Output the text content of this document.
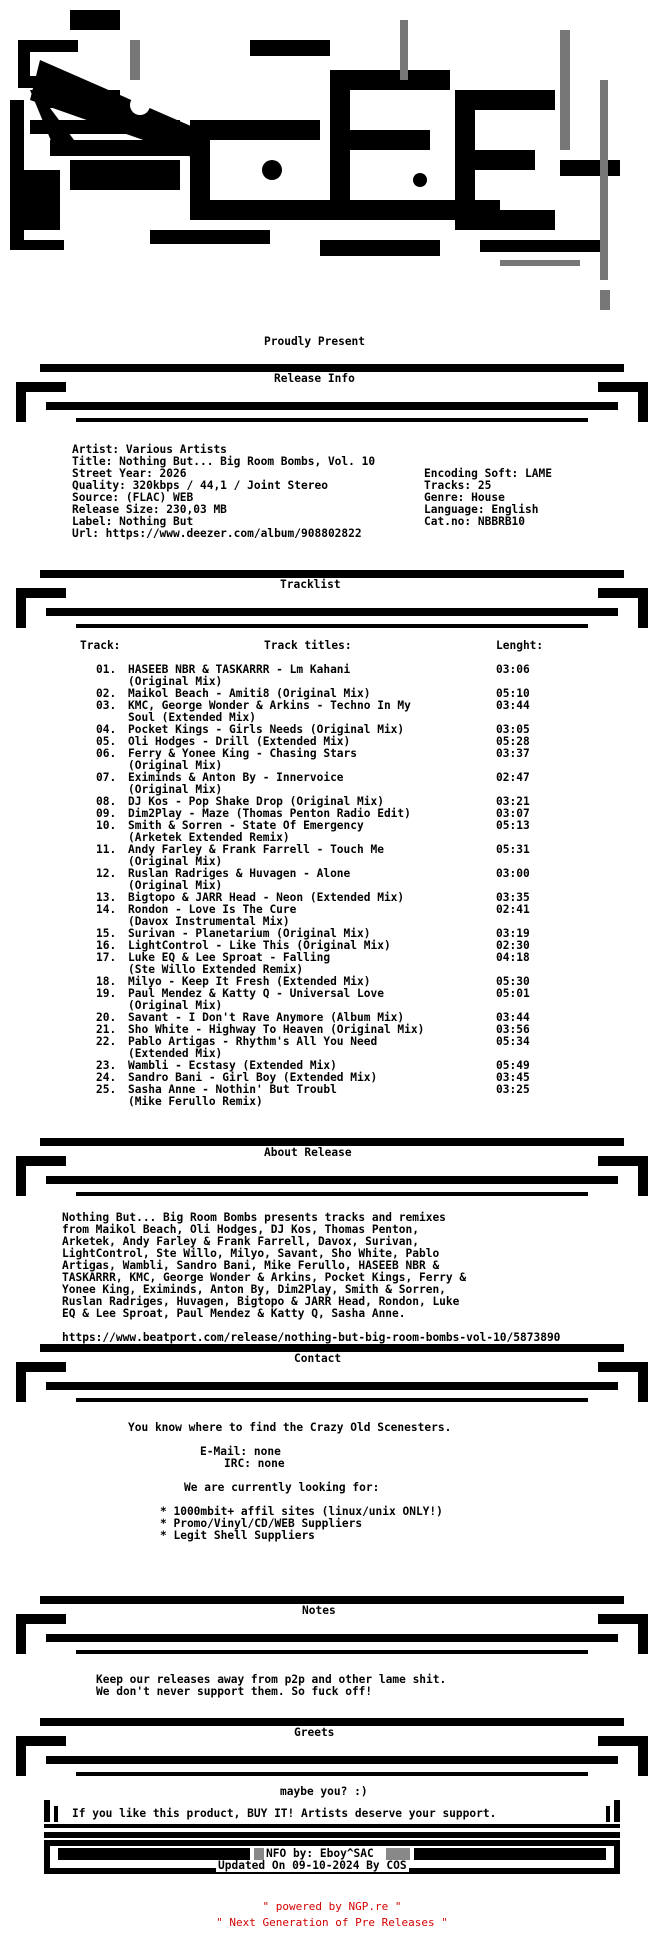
Proudly Present
Release Info
Artist: Various Artists
Title: Nothing But... Big Room Bombs, Vol. 10
Street Year: 2026	Encoding Soft: LAME
Quality: 320kbps / 44,1 / Joint Stereo	Tracks: 25
Source: (FLAC) WEB	Genre: House
Release Size: 230,03 MB	Language: English
Label: Nothing But	Cat.no: NBBRB10
Url: https://www.deezer.com/album/908802822
Tracklist
Track:	Track titles:	Lenght:
01. HASEEB NBR & TASKARRR - Lm Kahani	03:06
(Original Mix)
02. Maikol Beach - Amiti8 (Original Mix)	05:10
03. KMC, George Wonder & Arkins - Techno In My	03:44
Soul (Extended Mix)
04. Pocket Kings - Girls Needs (Original Mix)	03:05
05. Oli Hodges - Drill (Extended Mix)	05:28
06. Ferry & Yonee King - Chasing Stars	03:37
(Original Mix)
07. Eximinds & Anton By - Innervoice	02:47
(Original Mix)
08. DJ Kos - Pop Shake Drop (Original Mix)	03:21
09. Dim2Play - Maze (Thomas Penton Radio Edit)	03:07
10. Smith & Sorren - State Of Emergency	05:13
(Arketek Extended Remix)
11. Andy Farley & Frank Farrell - Touch Me	05:31
(Original Mix)
12. Ruslan Radriges & Huvagen - Alone	03:00
(Original Mix)
13. Bigtopo & JARR Head - Neon (Extended Mix)	03:35
14. Rondon - Love Is The Cure	02:41
(Davox Instrumental Mix)
15. Surivan - Planetarium (Original Mix)	03:19
16. LightControl - Like This (Original Mix)	02:30
17. Luke EQ & Lee Sproat - Falling	04:18
(Ste Willo Extended Remix)
18. Milyo - Keep It Fresh (Extended Mix)	05:30
19. Paul Mendez & Katty Q - Universal Love	05:01
(Original Mix)
20. Savant - I Don't Rave Anymore (Album Mix)	03:44
21. Sho White - Highway To Heaven (Original Mix)	03:56
22. Pablo Artigas - Rhythm's All You Need	05:34
(Extended Mix)
23. Wambli - Ecstasy (Extended Mix)	05:49
24. Sandro Bani - Girl Boy (Extended Mix)	03:45
25. Sasha Anne - Nothin' But Troubl	03:25
(Mike Ferullo Remix)
About Release
Nothing But... Big Room Bombs presents tracks and remixes
from Maikol Beach, Oli Hodges, DJ Kos, Thomas Penton,
Arketek, Andy Farley & Frank Farrell, Davox, Surivan,
LightControl, Ste Willo, Milyo, Savant, Sho White, Pablo
Artigas, Wambli, Sandro Bani, Mike Ferullo, HASEEB NBR &
TASKARRR, KMC, George Wonder & Arkins, Pocket Kings, Ferry &
Yonee King, Eximinds, Anton By, Dim2Play, Smith & Sorren,
Ruslan Radriges, Huvagen, Bigtopo & JARR Head, Rondon, Luke
EQ & Lee Sproat, Paul Mendez & Katty Q, Sasha Anne.
https://www.beatport.com/release/nothing-but-big-room-bombs-vol-10/5873890
Contact
You know where to find the Crazy Old Scenesters.
E-Mail: none
IRC: none
We are currently looking for:
* 1000mbit+ affil sites (linux/unix ONLY!)
* Promo/Vinyl/CD/WEB Suppliers
* Legit Shell Suppliers
Notes
Keep our releases away from p2p and other lame shit.
We don't never support them. So fuck off!
Greets
maybe you? :)
If you like this product, BUY IT! Artists deserve your support.
NFO by: Eboy^SAC
Updated On 09-10-2024 By COS
" powered by NGP.re "
" Next Generation of Pre Releases "
